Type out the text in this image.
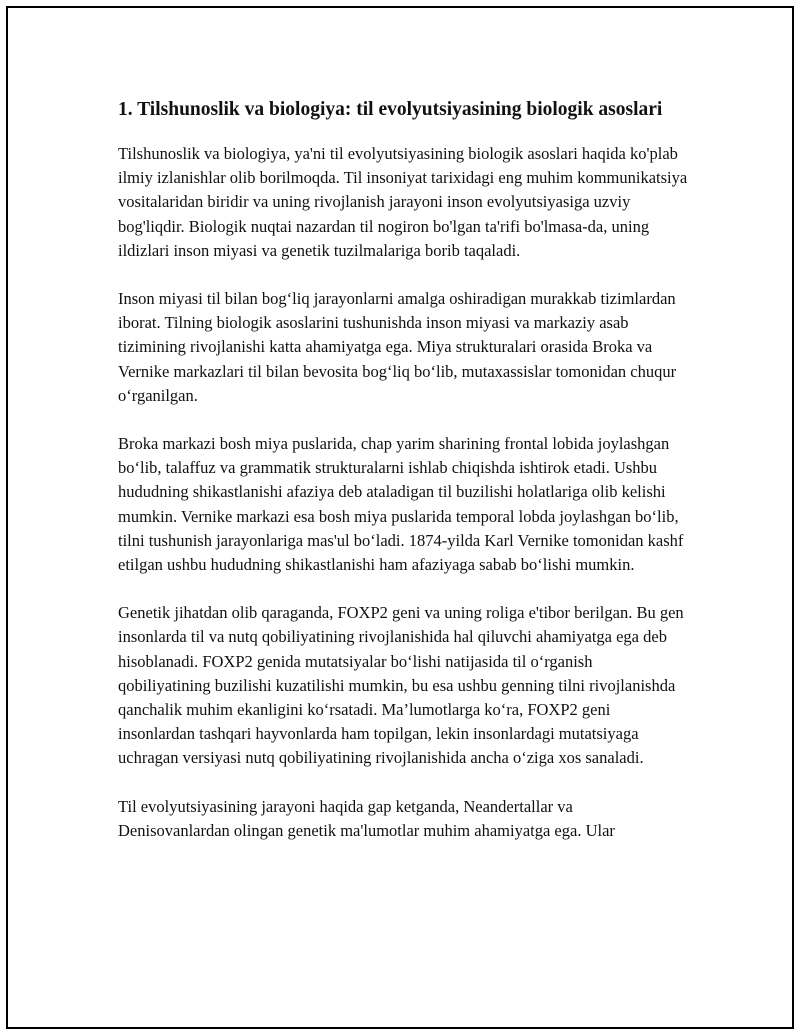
1. Tilshunoslik va biologiya: til evolyutsiyasining biologik asoslari

Tilshunoslik va biologiya, ya'ni til evolyutsiyasining biologik asoslari haqida ko'plab ilmiy izlanishlar olib borilmoqda. Til insoniyat tarixidagi eng muhim kommunikatsiya vositalaridan biridir va uning rivojlanish jarayoni inson evolyutsiyasiga uzviy bog'liqdir. Biologik nuqtai nazardan til nogiron bo'lgan ta'rifi bo'lmasa-da, uning ildizlari inson miyasi va genetik tuzilmalariga borib taqaladi.

Inson miyasi til bilan bog‘liq jarayonlarni amalga oshiradigan murakkab tizimlardan iborat. Tilning biologik asoslarini tushunishda inson miyasi va markaziy asab tizimining rivojlanishi katta ahamiyatga ega. Miya strukturalari orasida Broka va Vernike markazlari til bilan bevosita bog‘liq bo‘lib, mutaxassislar tomonidan chuqur o‘rganilgan.

Broka markazi bosh miya puslarida, chap yarim sharining frontal lobida joylashgan bo‘lib, talaffuz va grammatik strukturalarni ishlab chiqishda ishtirok etadi. Ushbu hududning shikastlanishi afaziya deb ataladigan til buzilishi holatlariga olib kelishi mumkin. Vernike markazi esa bosh miya puslarida temporal lobda joylashgan bo‘lib, tilni tushunish jarayonlariga mas'ul bo‘ladi. 1874-yilda Karl Vernike tomonidan kashf etilgan ushbu hududning shikastlanishi ham afaziyaga sabab bo‘lishi mumkin.

Genetik jihatdan olib qaraganda, FOXP2 geni va uning roliga e'tibor berilgan. Bu gen insonlarda til va nutq qobiliyatining rivojlanishida hal qiluvchi ahamiyatga ega deb hisoblanadi. FOXP2 genida mutatsiyalar bo‘lishi natijasida til o‘rganish qobiliyatining buzilishi kuzatilishi mumkin, bu esa ushbu genning tilni rivojlanishda qanchalik muhim ekanligini ko‘rsatadi. Ma’lumotlarga ko‘ra, FOXP2 geni insonlardan tashqari hayvonlarda ham topilgan, lekin insonlardagi mutatsiyaga uchragan versiyasi nutq qobiliyatining rivojlanishida ancha o‘ziga xos sanaladi.

Til evolyutsiyasining jarayoni haqida gap ketganda, Neandertallar va Denisovanlardan olingan genetik ma'lumotlar muhim ahamiyatga ega. Ular
